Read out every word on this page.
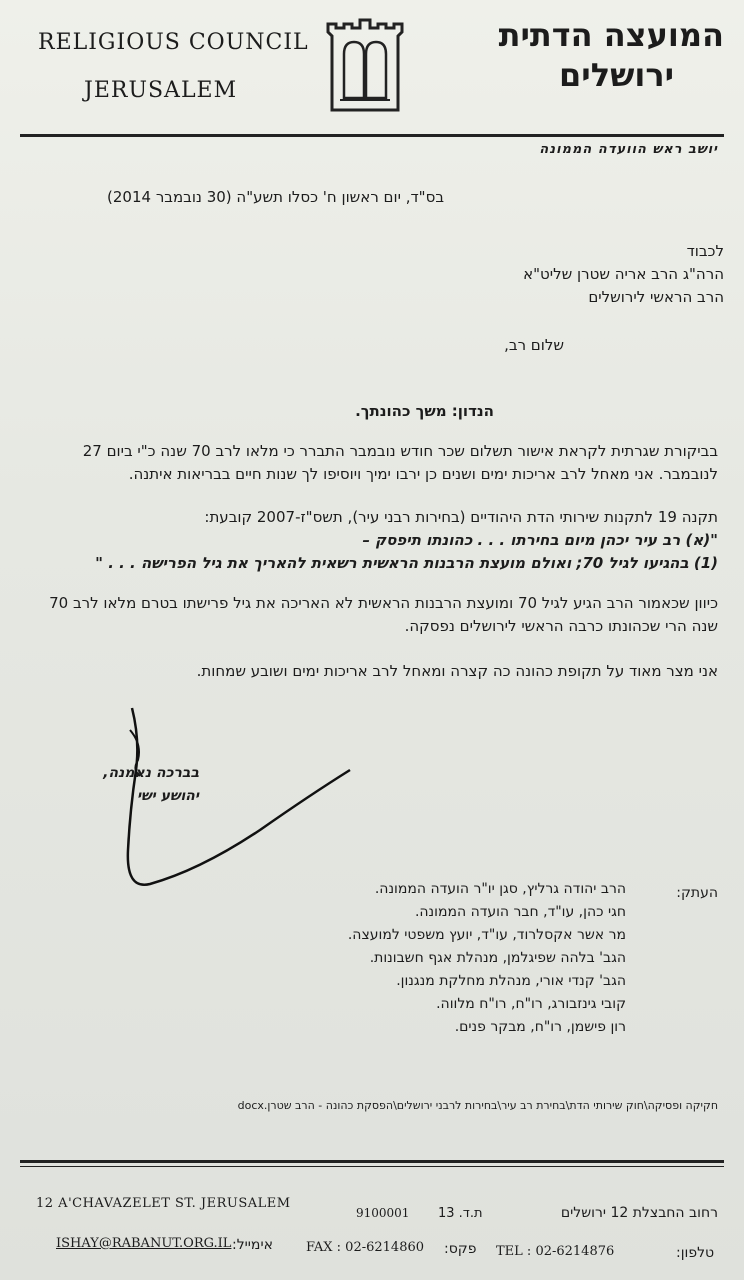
RELIGIOUS COUNCIL
JERUSALEM
המועצה הדתית
ירושלים
יושב ראש הוועדה הממונה
בס"ד, יום ראשון ח' כסלו תשע"ה (30 נובמבר 2014)
לכבוד
הרה"ג הרב אריה שטרן שליט"א
הרב הראשי לירושלים
שלום רב,
הנדון: משך כהונתך.
בביקורת שגרתית לקראת אישור תשלום שכר חודש נובמבר התברר כי מלאו לרב 70 שנה כ"י ביום 27
לנובמבר. אני מאחל לרב אריכות ימים ושנים כן ירבו ימיך ויוסיפו לך שנות חיים בבריאות איתנה.
תקנה 19 לתקנות שירותי הדת היהודיים (בחירות רבני עיר), תשס"ז-2007 קובעת:
"(א) רב עיר יכהן מיום בחירתו . . . כהונתו תיפסק –
(1) בהגיעו לגיל 70; ואולם מועצת הרבנות הראשית רשאית להאריך את גיל הפרישה . . . "
כיוון שכאמור הרב הגיע לגיל 70 ומועצת הרבנות הראשית לא האריכה את גיל פרישתו בטרם מלאו לרב 70
שנה הרי שכהונתו כרבה הראשי לירושלים נפסקה.
אני מצר מאוד על תקופת כהונה כה קצרה ומאחל לרב אריכות ימים ושובע שמחות.
בברכה נאמנה,
יהושע ישי
העתק:
הרב יהודה גרליץ, סגן יו"ר הועדה הממונה.
חגי כהן, עו"ד, חבר הועדה הממונה.
מר אשר אקסלרוד, עו"ד, יועץ משפטי למועצה.
הגב' בלהה שפיגלמן, מנהלת אגף חשבונות.
הגב' קנדי אורי, מנהלת מחלקת מנגנון.
קובי גינזבורג, רו"ח, רו"ח מלווה.
רון פישמן, רו"ח, מבקר פנים.
חקיקה ופסיקה\חוק שירותי הדת\בחירת רב עיר\בחירות לרבני ירושלים\הפסקת כהונה - הרב שטרן.docx
12 A'CHAVAZELET ST. JERUSALEM
9100001 ת.ד. 13	רחוב החבצלת 12 ירושלים
ISHAY@RABANUT.ORG.IL אימייל:	FAX : 02-6214860 פקס: TEL : 02-6214876	טלפון:
